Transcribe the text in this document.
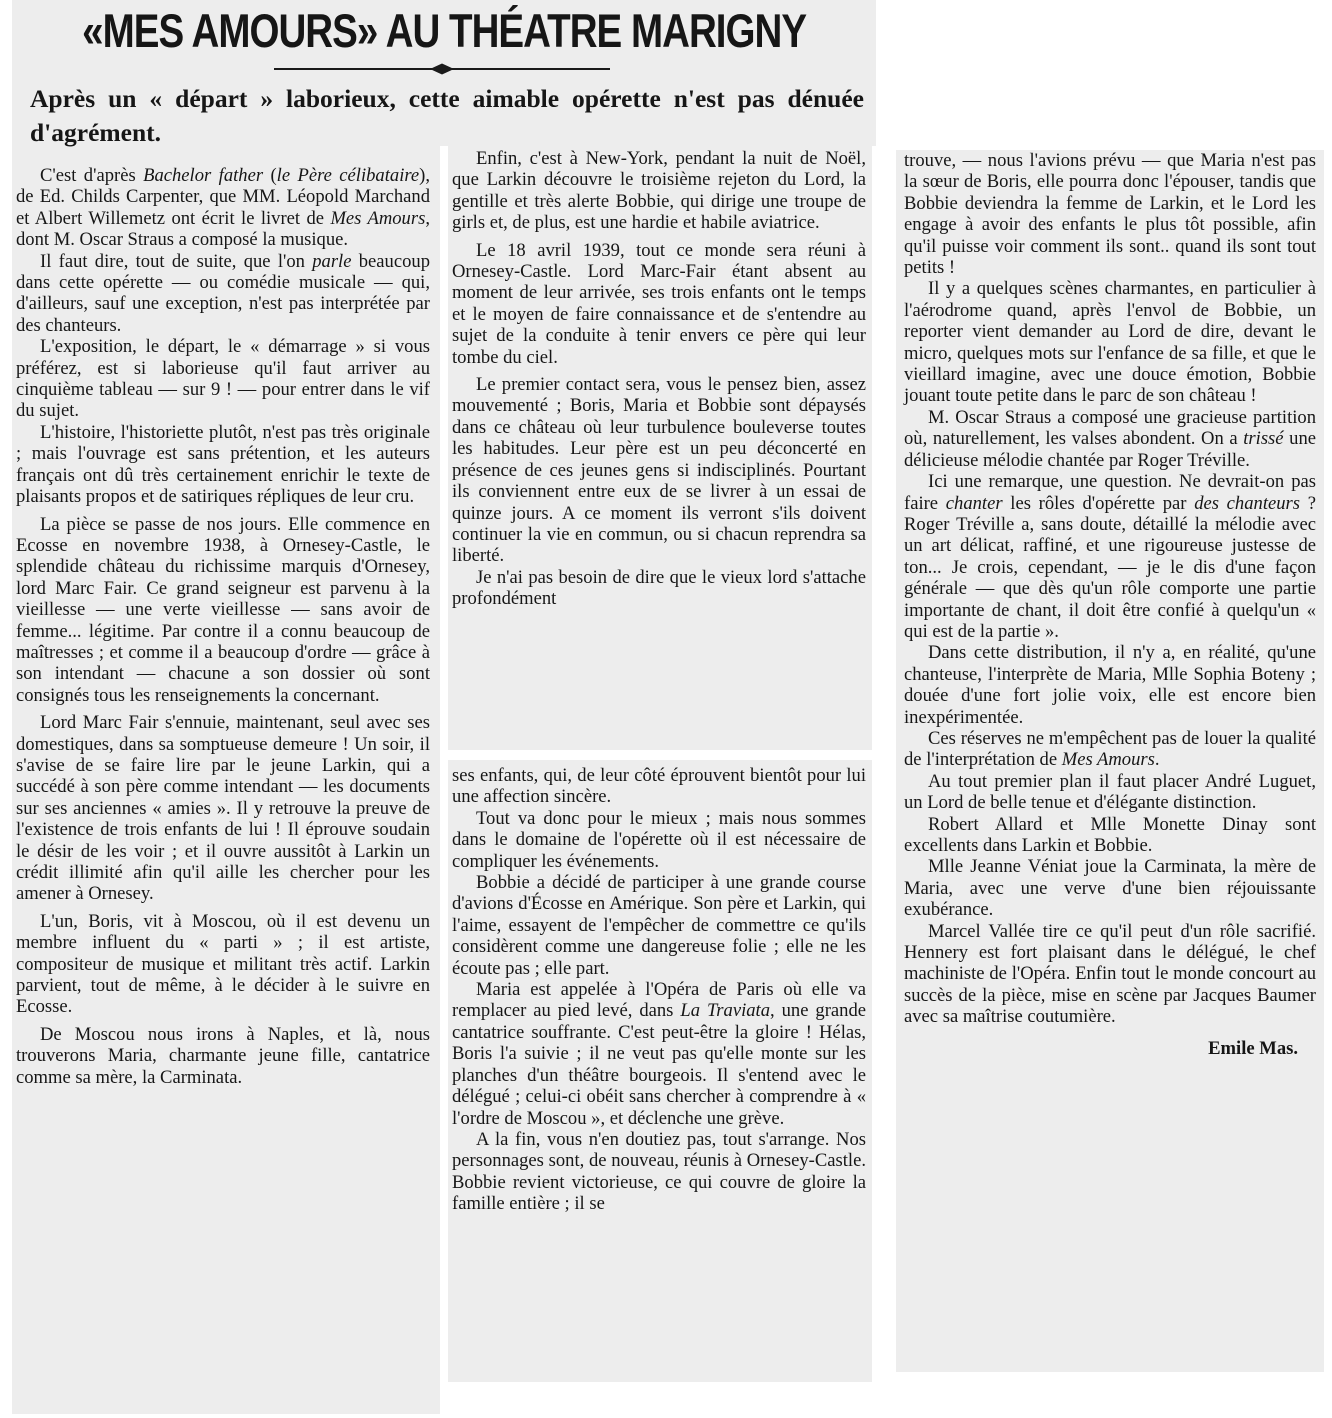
«MES AMOURS» AU THÉATRE MARIGNY
Après un « départ » laborieux, cette aimable opérette n'est pas dénuée d'agrément.

C'est d'après Bachelor father (le Père célibataire), de Ed. Childs Carpenter, que MM. Léopold Marchand et Albert Willemetz ont écrit le livret de Mes Amours, dont M. Oscar Straus a composé la musique.

Il faut dire, tout de suite, que l'on parle beaucoup dans cette opérette — ou comédie musicale — qui, d'ailleurs, sauf une exception, n'est pas interprétée par des chanteurs.

L'exposition, le départ, le « démarrage » si vous préférez, est si laborieuse qu'il faut arriver au cinquième tableau — sur 9 ! — pour entrer dans le vif du sujet.

L'histoire, l'historiette plutôt, n'est pas très originale ; mais l'ouvrage est sans prétention, et les auteurs français ont dû très certainement enrichir le texte de plaisants propos et de satiriques répliques de leur cru.

La pièce se passe de nos jours. Elle commence en Ecosse en novembre 1938, à Ornesey-Castle, le splendide château du richissime marquis d'Ornesey, lord Marc Fair. Ce grand seigneur est parvenu à la vieillesse — une verte vieillesse — sans avoir de femme... légitime. Par contre il a connu beaucoup de maîtresses ; et comme il a beaucoup d'ordre — grâce à son intendant — chacune a son dossier où sont consignés tous les renseignements la concernant.

Lord Marc Fair s'ennuie, maintenant, seul avec ses domestiques, dans sa somptueuse demeure ! Un soir, il s'avise de se faire lire par le jeune Larkin, qui a succédé à son père comme intendant — les documents sur ses anciennes « amies ». Il y retrouve la preuve de l'existence de trois enfants de lui ! Il éprouve soudain le désir de les voir ; et il ouvre aussitôt à Larkin un crédit illimité afin qu'il aille les chercher pour les amener à Ornesey.

L'un, Boris, vit à Moscou, où il est devenu un membre influent du « parti » ; il est artiste, compositeur de musique et militant très actif. Larkin parvient, tout de même, à le décider à le suivre en Ecosse.

De Moscou nous irons à Naples, et là, nous trouverons Maria, charmante jeune fille, cantatrice comme sa mère, la Carminata.

Enfin, c'est à New-York, pendant la nuit de Noël, que Larkin découvre le troisième rejeton du Lord, la gentille et très alerte Bobbie, qui dirige une troupe de girls et, de plus, est une hardie et habile aviatrice.

Le 18 avril 1939, tout ce monde sera réuni à Ornesey-Castle. Lord Marc-Fair étant absent au moment de leur arrivée, ses trois enfants ont le temps et le moyen de faire connaissance et de s'entendre au sujet de la conduite à tenir envers ce père qui leur tombe du ciel.

Le premier contact sera, vous le pensez bien, assez mouvementé ; Boris, Maria et Bobbie sont dépaysés dans ce château où leur turbulence bouleverse toutes les habitudes. Leur père est un peu déconcerté en présence de ces jeunes gens si indisciplinés. Pourtant ils conviennent entre eux de se livrer à un essai de quinze jours. A ce moment ils verront s'ils doivent continuer la vie en commun, ou si chacun reprendra sa liberté.

Je n'ai pas besoin de dire que le vieux lord s'attache profondément

ses enfants, qui, de leur côté éprouvent bientôt pour lui une affection sincère.

Tout va donc pour le mieux ; mais nous sommes dans le domaine de l'opérette où il est nécessaire de compliquer les événements.

Bobbie a décidé de participer à une grande course d'avions d'Écosse en Amérique. Son père et Larkin, qui l'aime, essayent de l'empêcher de commettre ce qu'ils considèrent comme une dangereuse folie ; elle ne les écoute pas ; elle part.

Maria est appelée à l'Opéra de Paris où elle va remplacer au pied levé, dans La Traviata, une grande cantatrice souffrante. C'est peut-être la gloire ! Hélas, Boris l'a suivie ; il ne veut pas qu'elle monte sur les planches d'un théâtre bourgeois. Il s'entend avec le délégué ; celui-ci obéit sans chercher à comprendre à « l'ordre de Moscou », et déclenche une grève.

A la fin, vous n'en doutiez pas, tout s'arrange. Nos personnages sont, de nouveau, réunis à Ornesey-Castle. Bobbie revient victorieuse, ce qui couvre de gloire la famille entière ; il se

trouve, — nous l'avions prévu — que Maria n'est pas la sœur de Boris, elle pourra donc l'épouser, tandis que Bobbie deviendra la femme de Larkin, et le Lord les engage à avoir des enfants le plus tôt possible, afin qu'il puisse voir comment ils sont.. quand ils sont tout petits !

Il y a quelques scènes charmantes, en particulier à l'aérodrome quand, après l'envol de Bobbie, un reporter vient demander au Lord de dire, devant le micro, quelques mots sur l'enfance de sa fille, et que le vieillard imagine, avec une douce émotion, Bobbie jouant toute petite dans le parc de son château !

M. Oscar Straus a composé une gracieuse partition où, naturellement, les valses abondent. On a trissé une délicieuse mélodie chantée par Roger Tréville.

Ici une remarque, une question. Ne devrait-on pas faire chanter les rôles d'opérette par des chanteurs ? Roger Tréville a, sans doute, détaillé la mélodie avec un art délicat, raffiné, et une rigoureuse justesse de ton... Je crois, cependant, — je le dis d'une façon générale — que dès qu'un rôle comporte une partie importante de chant, il doit être confié à quelqu'un « qui est de la partie ».

Dans cette distribution, il n'y a, en réalité, qu'une chanteuse, l'interprète de Maria, Mlle Sophia Boteny ; douée d'une fort jolie voix, elle est encore bien inexpérimentée.

Ces réserves ne m'empêchent pas de louer la qualité de l'interprétation de Mes Amours.

Au tout premier plan il faut placer André Luguet, un Lord de belle tenue et d'élégante distinction.

Robert Allard et Mlle Monette Dinay sont excellents dans Larkin et Bobbie.

Mlle Jeanne Véniat joue la Carminata, la mère de Maria, avec une verve d'une bien réjouissante exubérance.

Marcel Vallée tire ce qu'il peut d'un rôle sacrifié. Hennery est fort plaisant dans le délégué, le chef machiniste de l'Opéra. Enfin tout le monde concourt au succès de la pièce, mise en scène par Jacques Baumer avec sa maîtrise coutumière.

Emile Mas.
